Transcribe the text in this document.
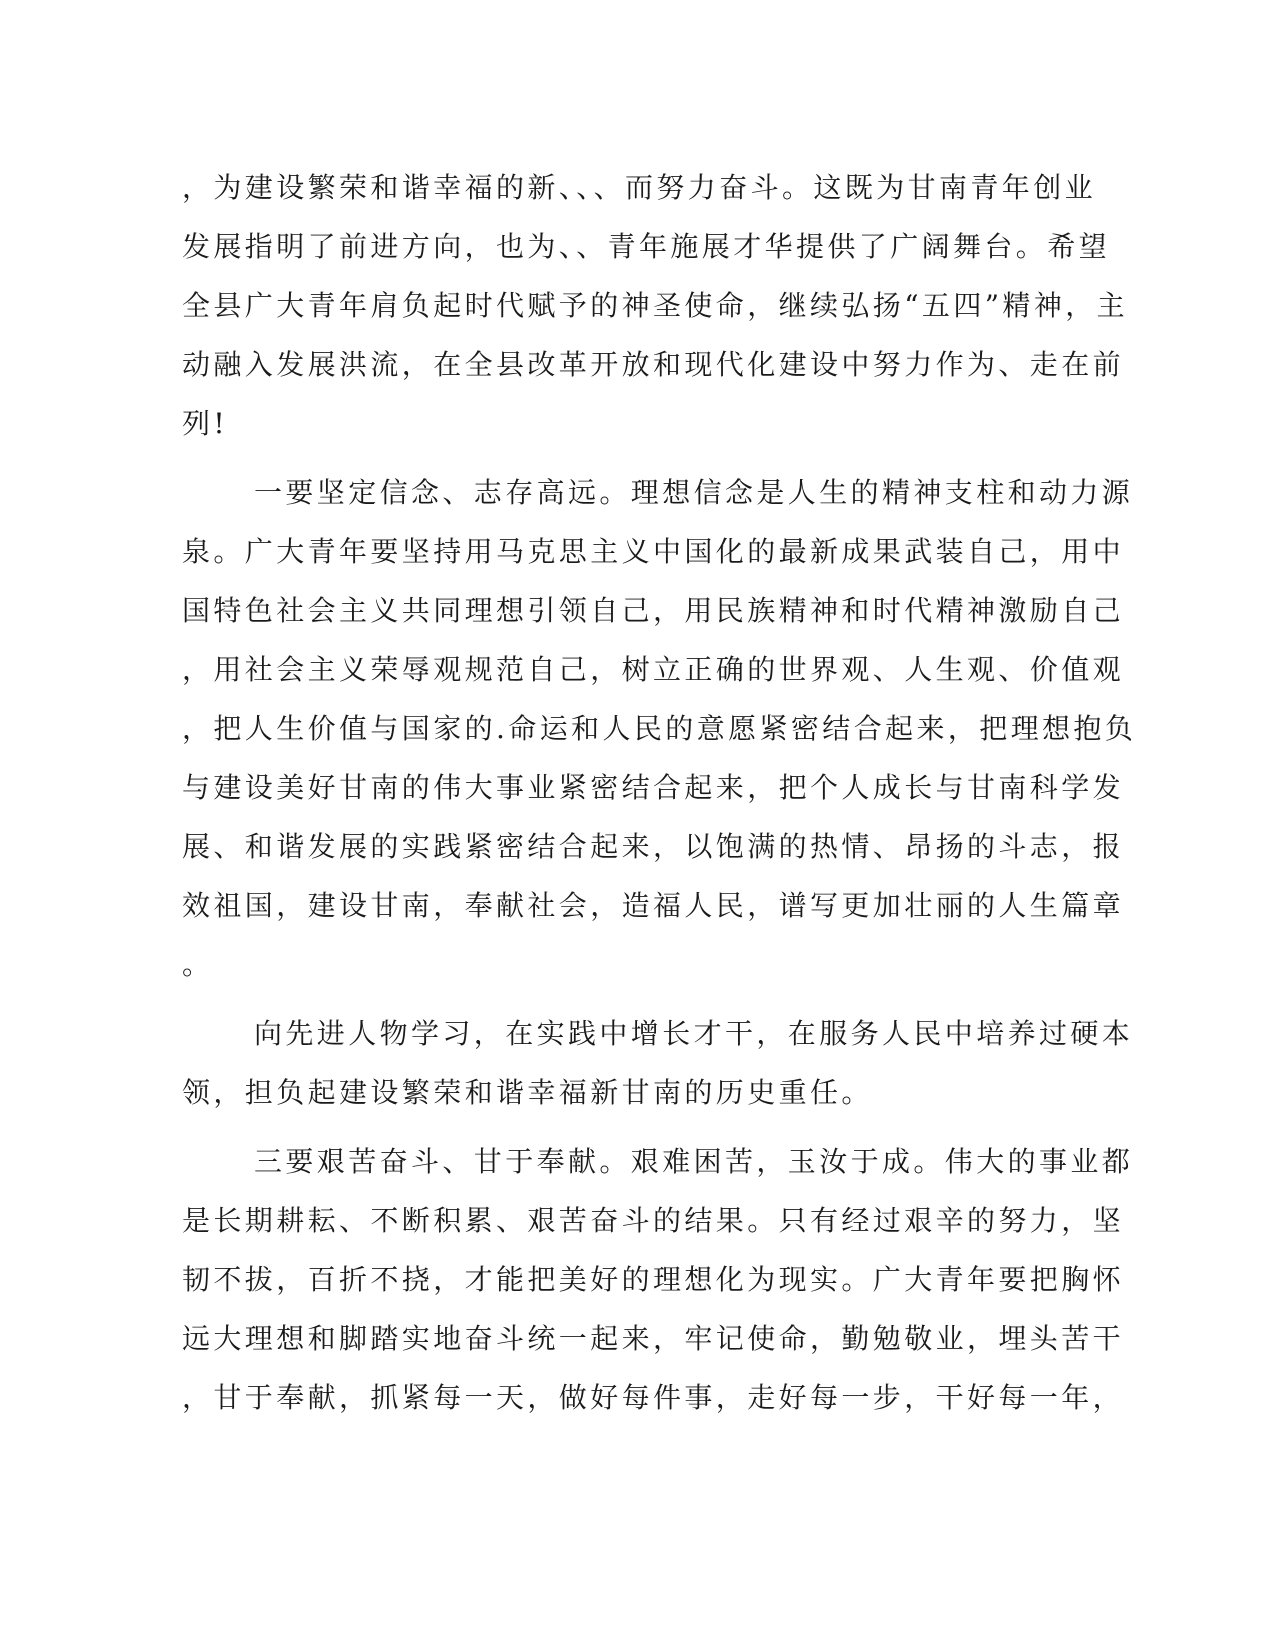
，为建设繁荣和谐幸福的新、、、而努力奋斗。这既为甘南青年创业
发展指明了前进方向，也为、、青年施展才华提供了广阔舞台。希望
全县广大青年肩负起时代赋予的神圣使命，继续弘扬“五四”精神，主
动融入发展洪流，在全县改革开放和现代化建设中努力作为、走在前
列!
一要坚定信念、志存高远。理想信念是人生的精神支柱和动力源
泉。广大青年要坚持用马克思主义中国化的最新成果武装自己，用中
国特色社会主义共同理想引领自己，用民族精神和时代精神激励自己
，用社会主义荣辱观规范自己，树立正确的世界观、人生观、价值观
，把人生价值与国家的.命运和人民的意愿紧密结合起来，把理想抱负
与建设美好甘南的伟大事业紧密结合起来，把个人成长与甘南科学发
展、和谐发展的实践紧密结合起来，以饱满的热情、昂扬的斗志，报
效祖国，建设甘南，奉献社会，造福人民，谱写更加壮丽的人生篇章
。
向先进人物学习，在实践中增长才干，在服务人民中培养过硬本
领，担负起建设繁荣和谐幸福新甘南的历史重任。
三要艰苦奋斗、甘于奉献。艰难困苦，玉汝于成。伟大的事业都
是长期耕耘、不断积累、艰苦奋斗的结果。只有经过艰辛的努力，坚
韧不拔，百折不挠，才能把美好的理想化为现实。广大青年要把胸怀
远大理想和脚踏实地奋斗统一起来，牢记使命，勤勉敬业，埋头苦干
，甘于奉献，抓紧每一天，做好每件事，走好每一步，干好每一年，
